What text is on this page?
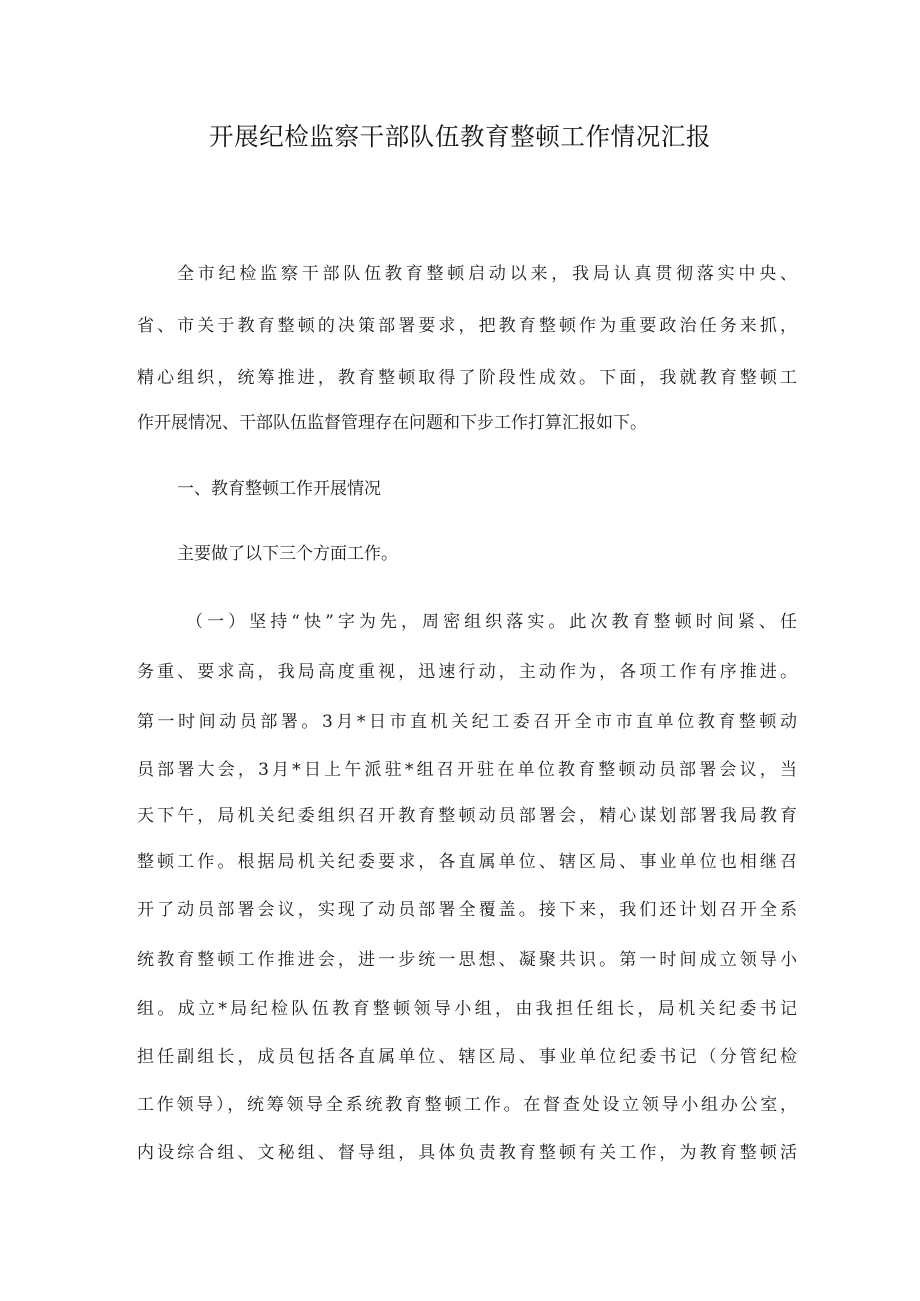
开展纪检监察干部队伍教育整顿工作情况汇报
全市纪检监察干部队伍教育整顿启动以来，我局认真贯彻落实中央、
省、市关于教育整顿的决策部署要求，把教育整顿作为重要政治任务来抓，
精心组织，统筹推进，教育整顿取得了阶段性成效。下面，我就教育整顿工
作开展情况、干部队伍监督管理存在问题和下步工作打算汇报如下。
一、教育整顿工作开展情况
主要做了以下三个方面工作。
（一）坚持“快”字为先，周密组织落实。此次教育整顿时间紧、任
务重、要求高，我局高度重视，迅速行动，主动作为，各项工作有序推进。
第一时间动员部署。3月*日市直机关纪工委召开全市市直单位教育整顿动
员部署大会，3月*日上午派驻*组召开驻在单位教育整顿动员部署会议，当
天下午，局机关纪委组织召开教育整顿动员部署会，精心谋划部署我局教育
整顿工作。根据局机关纪委要求，各直属单位、辖区局、事业单位也相继召
开了动员部署会议，实现了动员部署全覆盖。接下来，我们还计划召开全系
统教育整顿工作推进会，进一步统一思想、凝聚共识。第一时间成立领导小
组。成立*局纪检队伍教育整顿领导小组，由我担任组长，局机关纪委书记
担任副组长，成员包括各直属单位、辖区局、事业单位纪委书记（分管纪检
工作领导），统筹领导全系统教育整顿工作。在督查处设立领导小组办公室，
内设综合组、文秘组、督导组，具体负责教育整顿有关工作，为教育整顿活
